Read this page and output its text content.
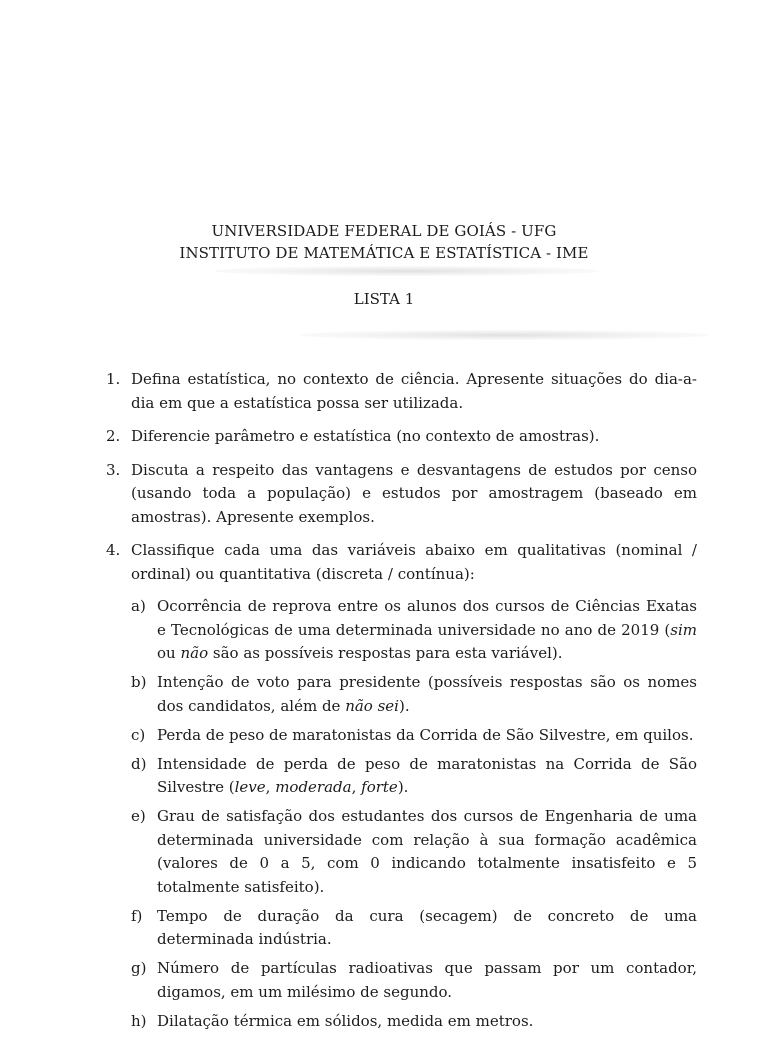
UNIVERSIDADE FEDERAL DE GOIÁS - UFG
INSTITUTO DE MATEMÁTICA E ESTATÍSTICA - IME
LISTA 1
1. Defina estatística, no contexto de ciência. Apresente situações do dia-a-dia em que a estatística possa ser utilizada.
2. Diferencie parâmetro e estatística (no contexto de amostras).
3. Discuta a respeito das vantagens e desvantagens de estudos por censo (usando toda a população) e estudos por amostragem (baseado em amostras). Apresente exemplos.
4. Classifique cada uma das variáveis abaixo em qualitativas (nominal / ordinal) ou quantitativa (discreta / contínua):
a) Ocorrência de reprova entre os alunos dos cursos de Ciências Exatas e Tecnológicas de uma determinada universidade no ano de 2019 (sim ou não são as possíveis respostas para esta variável).
b) Intenção de voto para presidente (possíveis respostas são os nomes dos candidatos, além de não sei).
c) Perda de peso de maratonistas da Corrida de São Silvestre, em quilos.
d) Intensidade de perda de peso de maratonistas na Corrida de São Silvestre (leve, moderada, forte).
e) Grau de satisfação dos estudantes dos cursos de Engenharia de uma determinada universidade com relação à sua formação acadêmica (valores de 0 a 5, com 0 indicando totalmente insatisfeito e 5 totalmente satisfeito).
f) Tempo de duração da cura (secagem) de concreto de uma determinada indústria.
g) Número de partículas radioativas que passam por um contador, digamos, em um milésimo de segundo.
h) Dilatação térmica em sólidos, medida em metros.
